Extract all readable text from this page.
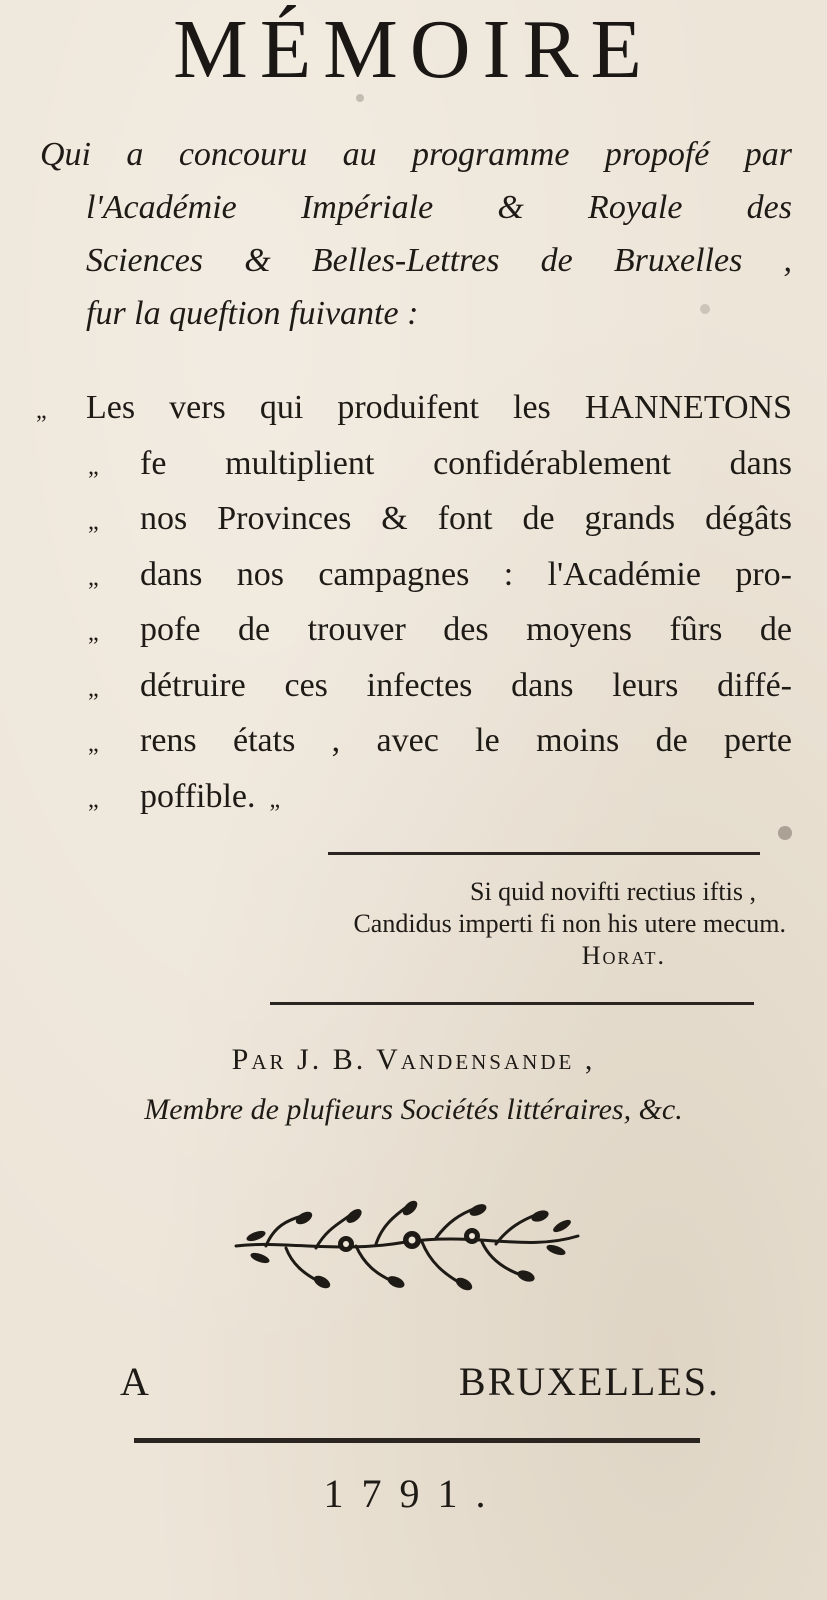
MÉMOIRE
Qui a concouru au programme propofé par
l'Académie Impériale & Royale des
Sciences & Belles-Lettres de Bruxelles ,
fur la queftion fuivante :
„	Les vers qui produifent les HANNETONS
„	fe multiplient confidérablement dans
„	nos Provinces & font de grands dégâts
„	dans nos campagnes : l'Académie pro-
„	pofe de trouver des moyens fûrs de
„	détruire ces infectes dans leurs diffé-
„	rens états , avec le moins de perte
„	poffible. „
Si quid novifti rectius iftis ,
Candidus imperti fi non his utere mecum.
Horat.
Par J. B. Vandensande ,
Membre de plufieurs Sociétés littéraires, &c.
A BRUXELLES.
1791.
